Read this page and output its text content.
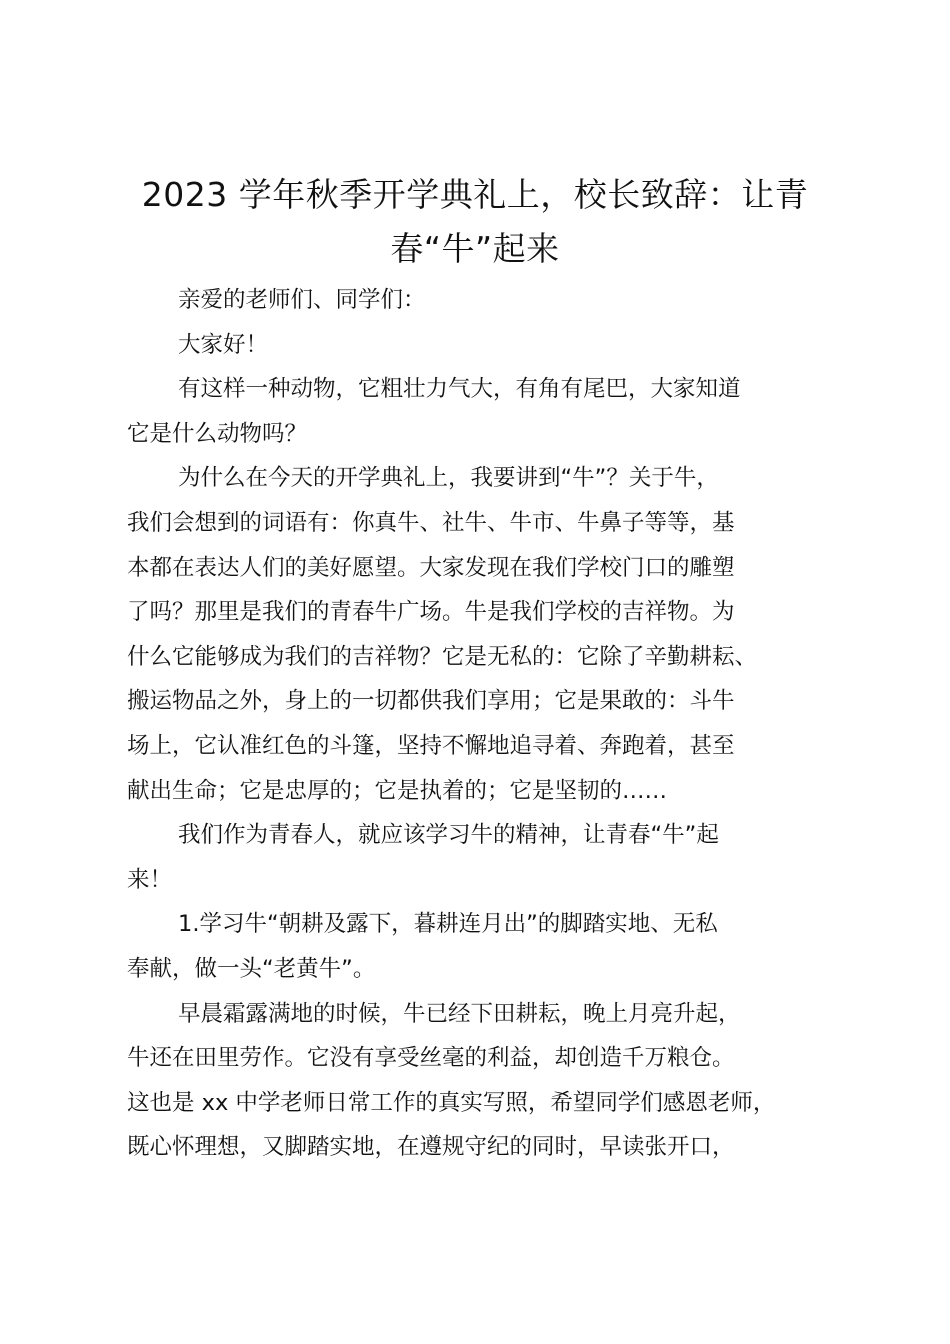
2023 学年秋季开学典礼上，校长致辞：让青
春“牛”起来
亲爱的老师们、同学们：
大家好！
有这样一种动物，它粗壮力气大，有角有尾巴，大家知道
它是什么动物吗？
为什么在今天的开学典礼上，我要讲到“牛”？关于牛，
我们会想到的词语有：你真牛、社牛、牛市、牛鼻子等等，基
本都在表达人们的美好愿望。大家发现在我们学校门口的雕塑
了吗？那里是我们的青春牛广场。牛是我们学校的吉祥物。为
什么它能够成为我们的吉祥物？它是无私的：它除了辛勤耕耘、
搬运物品之外，身上的一切都供我们享用；它是果敢的：斗牛
场上，它认准红色的斗篷，坚持不懈地追寻着、奔跑着，甚至
献出生命；它是忠厚的；它是执着的；它是坚韧的……
我们作为青春人，就应该学习牛的精神，让青春“牛”起
来！
1.学习牛“朝耕及露下，暮耕连月出”的脚踏实地、无私
奉献，做一头“老黄牛”。
早晨霜露满地的时候，牛已经下田耕耘，晚上月亮升起，
牛还在田里劳作。它没有享受丝毫的利益，却创造千万粮仓。
这也是 xx 中学老师日常工作的真实写照，希望同学们感恩老师，
既心怀理想，又脚踏实地，在遵规守纪的同时，早读张开口，
